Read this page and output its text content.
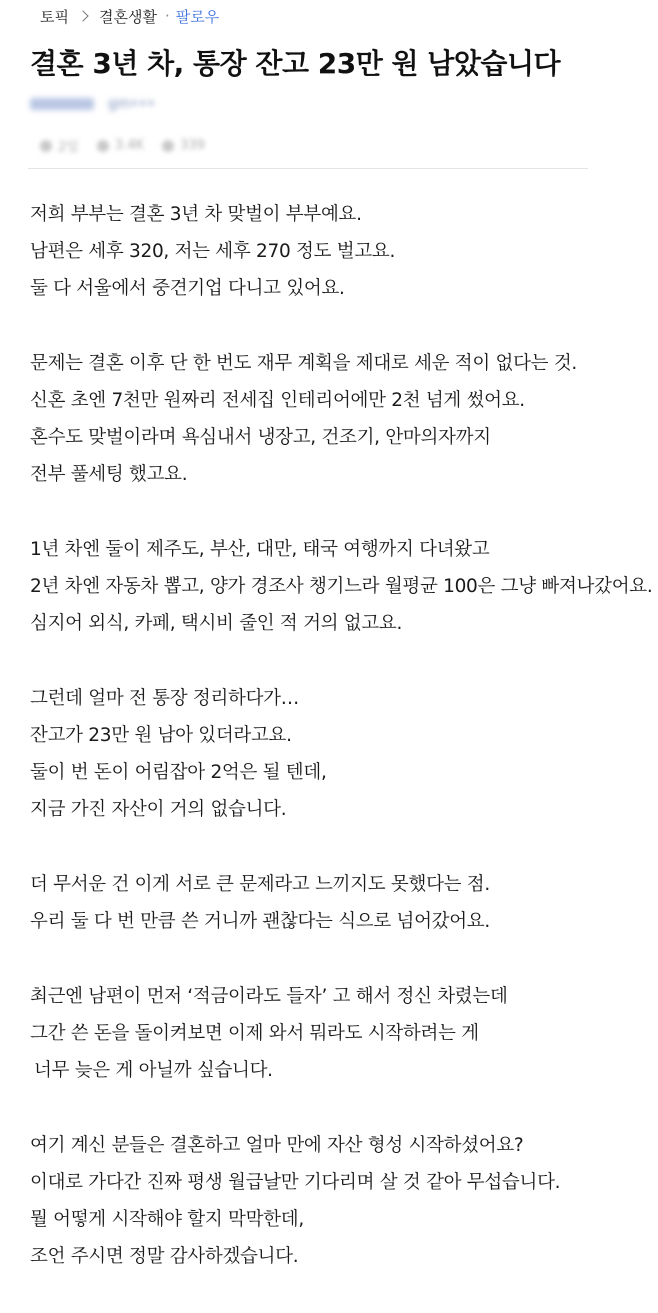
토픽 결혼생활 · 팔로우
결혼 3년 차, 통장 잔고 23만 원 남았습니다
ㅤㅤ	gm•••
2일	3.4K	339
저희 부부는 결혼 3년 차 맞벌이 부부예요.
남편은 세후 320, 저는 세후 270 정도 벌고요.
둘 다 서울에서 중견기업 다니고 있어요.
문제는 결혼 이후 단 한 번도 재무 계획을 제대로 세운 적이 없다는 것.
신혼 초엔 7천만 원짜리 전세집 인테리어에만 2천 넘게 썼어요.
혼수도 맞벌이라며 욕심내서 냉장고, 건조기, 안마의자까지
전부 풀세팅 했고요.
1년 차엔 둘이 제주도, 부산, 대만, 태국 여행까지 다녀왔고
2년 차엔 자동차 뽑고, 양가 경조사 챙기느라 월평균 100은 그냥 빠져나갔어요.
심지어 외식, 카페, 택시비 줄인 적 거의 없고요.
그런데 얼마 전 통장 정리하다가…
잔고가 23만 원 남아 있더라고요.
둘이 번 돈이 어림잡아 2억은 될 텐데,
지금 가진 자산이 거의 없습니다.
더 무서운 건 이게 서로 큰 문제라고 느끼지도 못했다는 점.
우리 둘 다 번 만큼 쓴 거니까 괜찮다는 식으로 넘어갔어요.
최근엔 남편이 먼저 ‘적금이라도 들자’ 고 해서 정신 차렸는데
그간 쓴 돈을 돌이켜보면 이제 와서 뭐라도 시작하려는 게
너무 늦은 게 아닐까 싶습니다.
여기 계신 분들은 결혼하고 얼마 만에 자산 형성 시작하셨어요?
이대로 가다간 진짜 평생 월급날만 기다리며 살 것 같아 무섭습니다.
뭘 어떻게 시작해야 할지 막막한데,
조언 주시면 정말 감사하겠습니다.
